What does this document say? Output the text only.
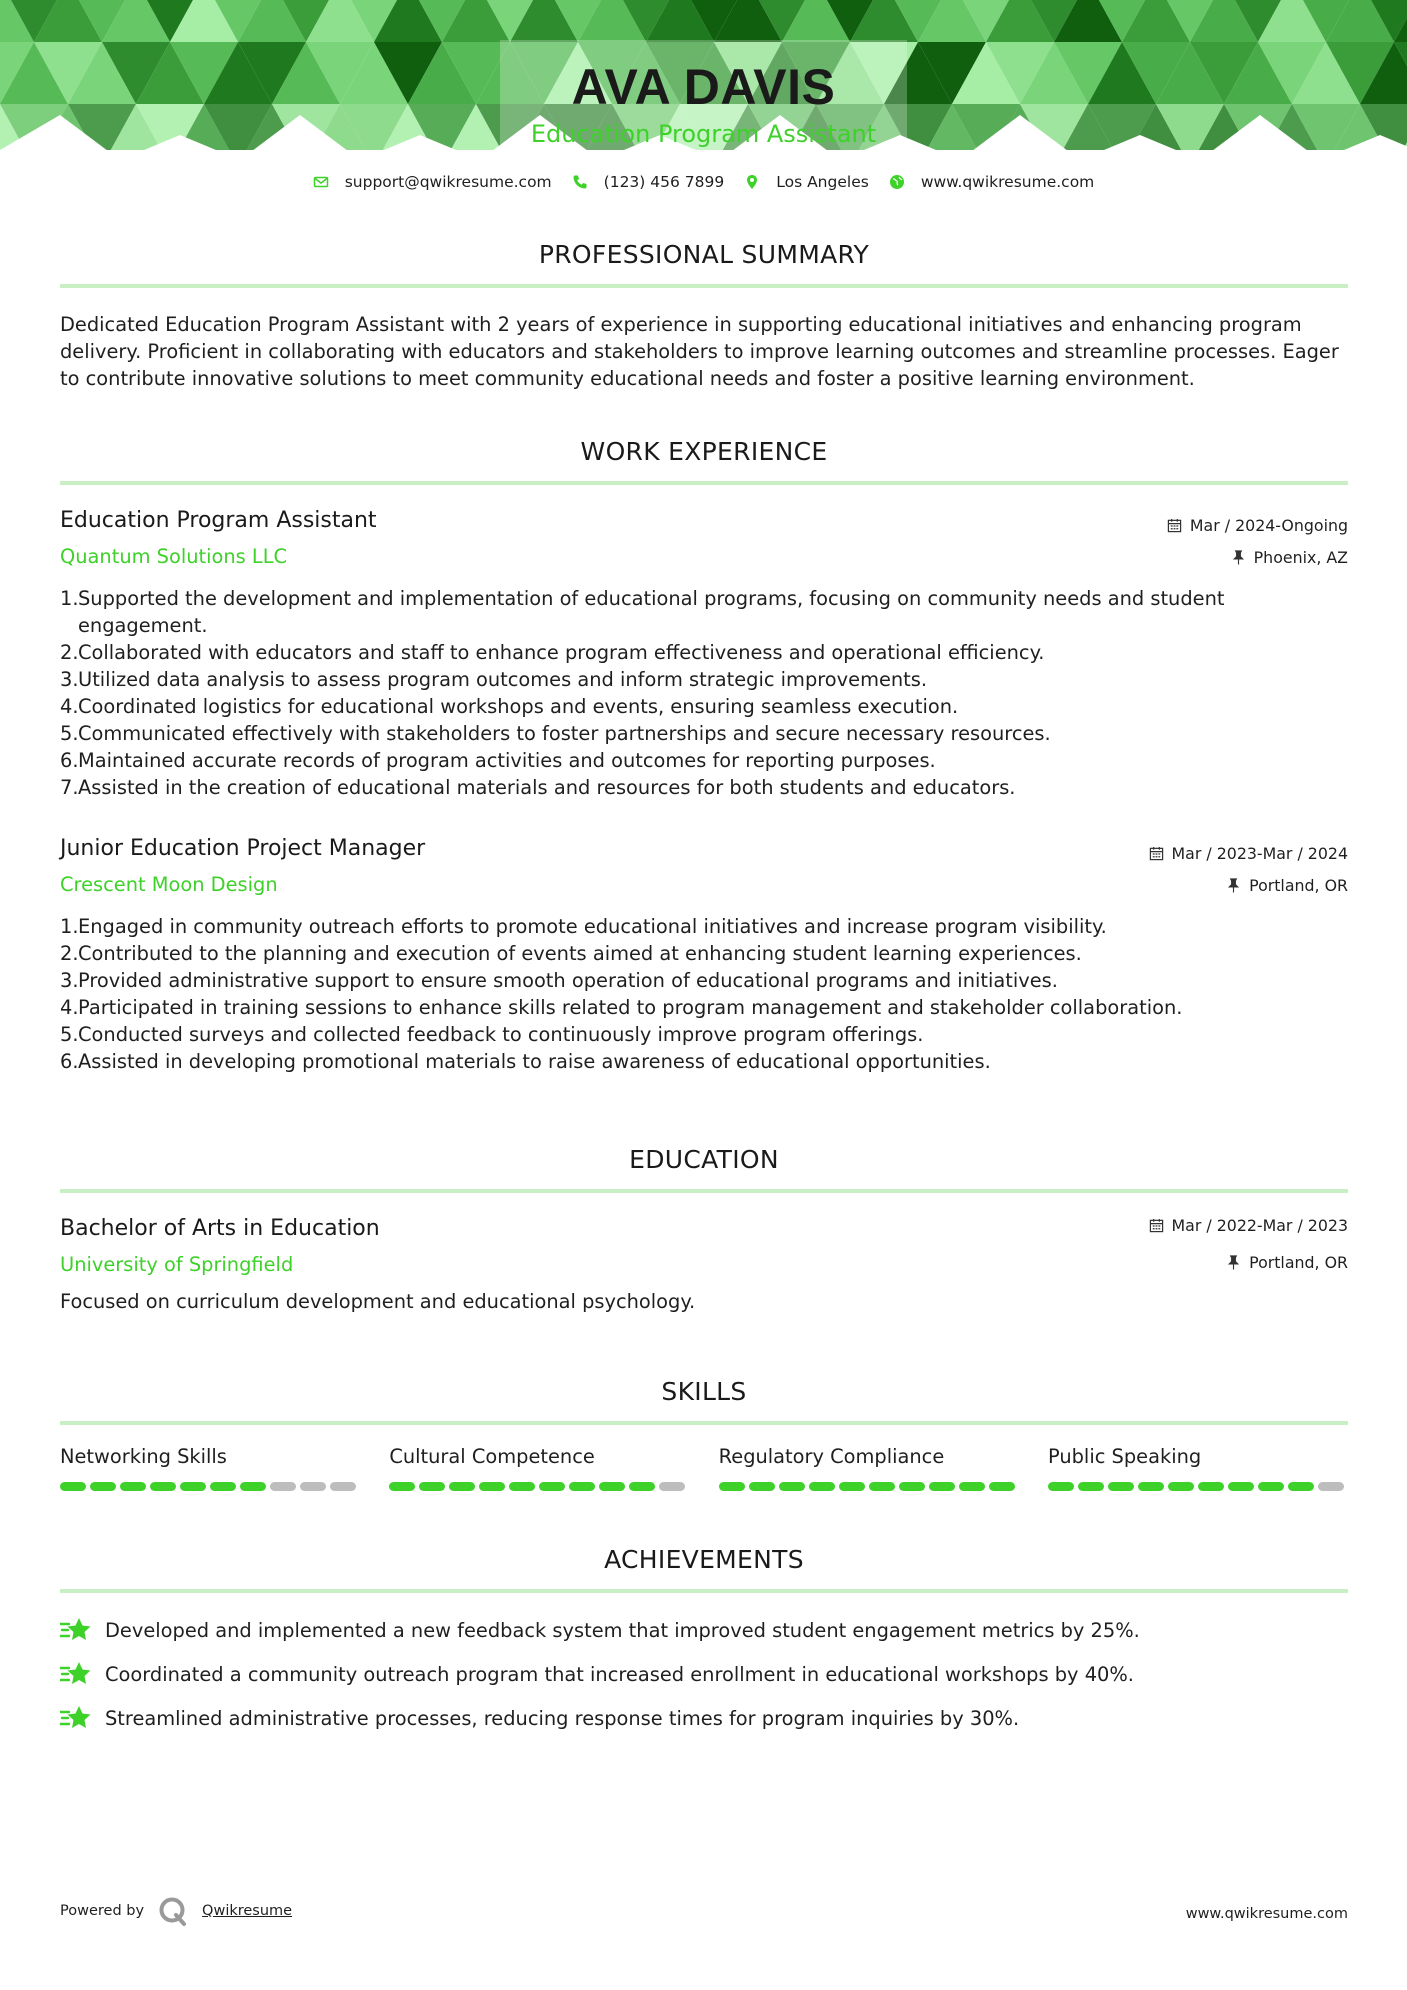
AVA DAVIS
Education Program Assistant
support@qwikresume.com	(123) 456 7899	Los Angeles	www.qwikresume.com
PROFESSIONAL SUMMARY
Dedicated Education Program Assistant with 2 years of experience in supporting educational initiatives and enhancing program delivery. Proficient in collaborating with educators and stakeholders to improve learning outcomes and streamline processes. Eager to contribute innovative solutions to meet community educational needs and foster a positive learning environment.
WORK EXPERIENCE
Education Program Assistant
Quantum Solutions LLC
Mar / 2024-Ongoing
Phoenix, AZ
1. Supported the development and implementation of educational programs, focusing on community needs and student engagement.
2. Collaborated with educators and staff to enhance program effectiveness and operational efficiency.
3. Utilized data analysis to assess program outcomes and inform strategic improvements.
4. Coordinated logistics for educational workshops and events, ensuring seamless execution.
5. Communicated effectively with stakeholders to foster partnerships and secure necessary resources.
6. Maintained accurate records of program activities and outcomes for reporting purposes.
7. Assisted in the creation of educational materials and resources for both students and educators.
Junior Education Project Manager
Crescent Moon Design
Mar / 2023-Mar / 2024
Portland, OR
1. Engaged in community outreach efforts to promote educational initiatives and increase program visibility.
2. Contributed to the planning and execution of events aimed at enhancing student learning experiences.
3. Provided administrative support to ensure smooth operation of educational programs and initiatives.
4. Participated in training sessions to enhance skills related to program management and stakeholder collaboration.
5. Conducted surveys and collected feedback to continuously improve program offerings.
6. Assisted in developing promotional materials to raise awareness of educational opportunities.
EDUCATION
Bachelor of Arts in Education
University of Springfield
Mar / 2022-Mar / 2023
Portland, OR
Focused on curriculum development and educational psychology.
SKILLS
Networking Skills	Cultural Competence	Regulatory Compliance	Public Speaking
ACHIEVEMENTS
Developed and implemented a new feedback system that improved student engagement metrics by 25%.
Coordinated a community outreach program that increased enrollment in educational workshops by 40%.
Streamlined administrative processes, reducing response times for program inquiries by 30%.
Powered by	Qwikresume	www.qwikresume.com
